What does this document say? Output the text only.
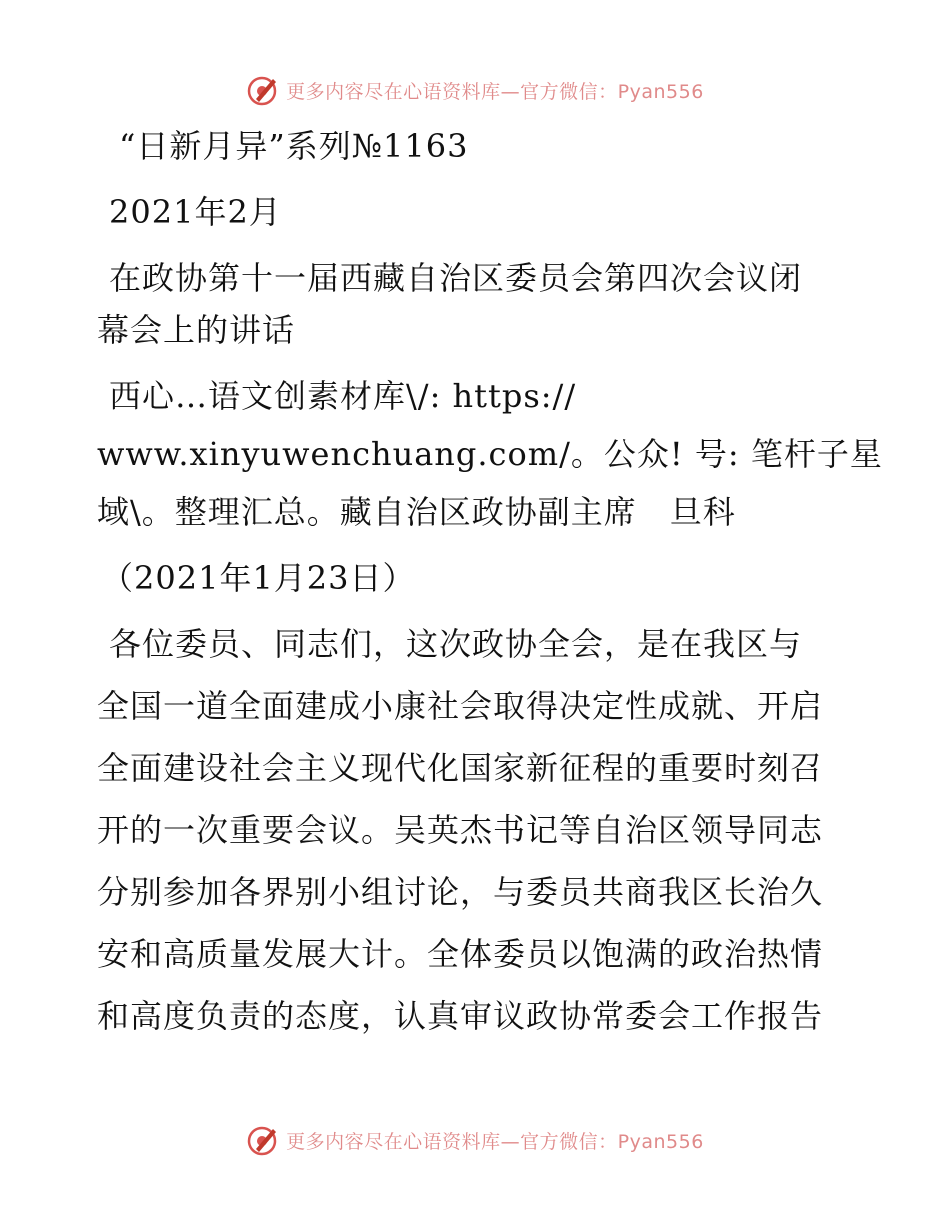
更多内容尽在心语资料库—官方微信：Pyan556
“日新月异”系列№1163
2021年2月
在政协第十一届西藏自治区委员会第四次会议闭
幕会上的讲话
西心…语文创素材库\/: https://
www.xinyuwenchuang.com/。公众! 号: 笔杆子星
域\。整理汇总。藏自治区政协副主席　旦科
（2021年1月23日）
各位委员、同志们，这次政协全会，是在我区与
全国一道全面建成小康社会取得决定性成就、开启
全面建设社会主义现代化国家新征程的重要时刻召
开的一次重要会议。吴英杰书记等自治区领导同志
分别参加各界别小组讨论，与委员共商我区长治久
安和高质量发展大计。全体委员以饱满的政治热情
和高度负责的态度，认真审议政协常委会工作报告
更多内容尽在心语资料库—官方微信：Pyan556
